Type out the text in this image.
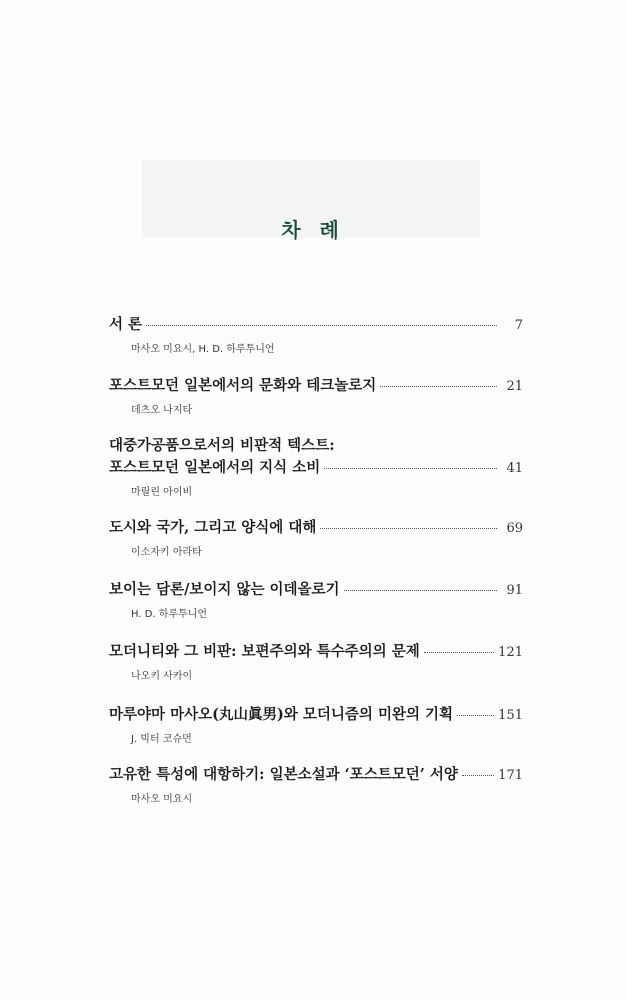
차 례
서 론	7
마사오 미요시, H. D. 하루투니언
포스트모던 일본에서의 문화와 테크놀로지	21
데츠오 나지타
대중가공품으로서의 비판적 텍스트:
포스트모던 일본에서의 지식 소비	41
마릴린 아이비
도시와 국가, 그리고 양식에 대해	69
이소자키 아라타
보이는 담론/보이지 않는 이데올로기	91
H. D. 하루투니언
모더니티와 그 비판: 보편주의와 특수주의의 문제	121
나오키 사카이
마루야마 마사오(丸山眞男)와 모더니즘의 미완의 기획	151
J. 빅터 코슈먼
고유한 특성에 대항하기: 일본소설과 ‘포스트모던’ 서양	171
마사오 미요시
